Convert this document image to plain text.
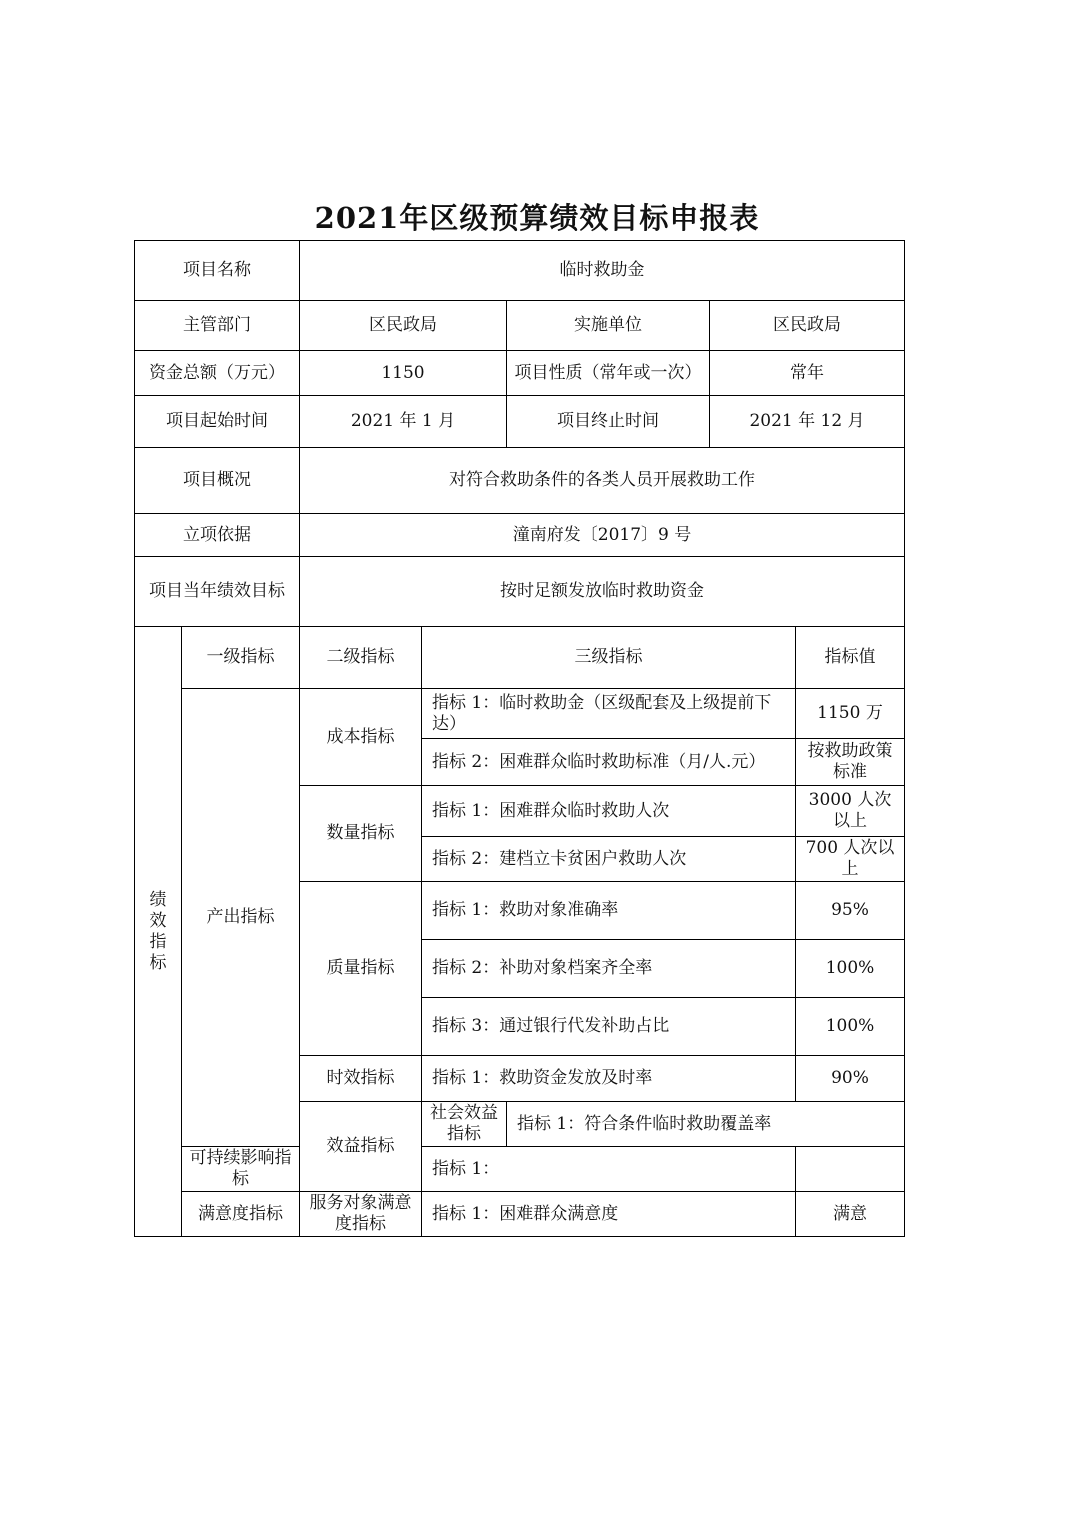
2021年区级预算绩效目标申报表
项目名称		临时救助金					
主管部门		区民政局		实施单位	区民政局		
资金总额（万元）		1150		项目性质（常年或一次）	常年		
项目起始时间		2021 年 1 月		项目终止时间	2021 年 12 月		
项目概况		对符合救助条件的各类人员开展救助工作					
立项依据		潼南府发〔2017〕9 号					
项目当年绩效目标		按时足额发放临时救助资金					

绩
效
指
标	一级指标	二级指标	三级指标			指标值	
	产出指标	成本指标	指标 1：临时救助金（区级配套及上级提前下达）			1150 万	
			指标 2：困难群众临时救助标准（月/人.元）			按救助政策标准	
		数量指标	指标 1：困难群众临时救助人次			3000 人次以上	
			指标 2：建档立卡贫困户救助人次			700 人次以上	
		质量指标	指标 1：救助对象准确率			95%	
			指标 2：补助对象档案齐全率			100%	
			指标 3：通过银行代发补助占比			100%	
		时效指标	指标 1：救助资金发放及时率			90%	
		效益指标	社会效益指标	指标 1：符合条件临时救助覆盖率	
	可持续影响指标		指标 1：				
	满意度指标	服务对象满意度指标	指标 1：困难群众满意度			满意	
